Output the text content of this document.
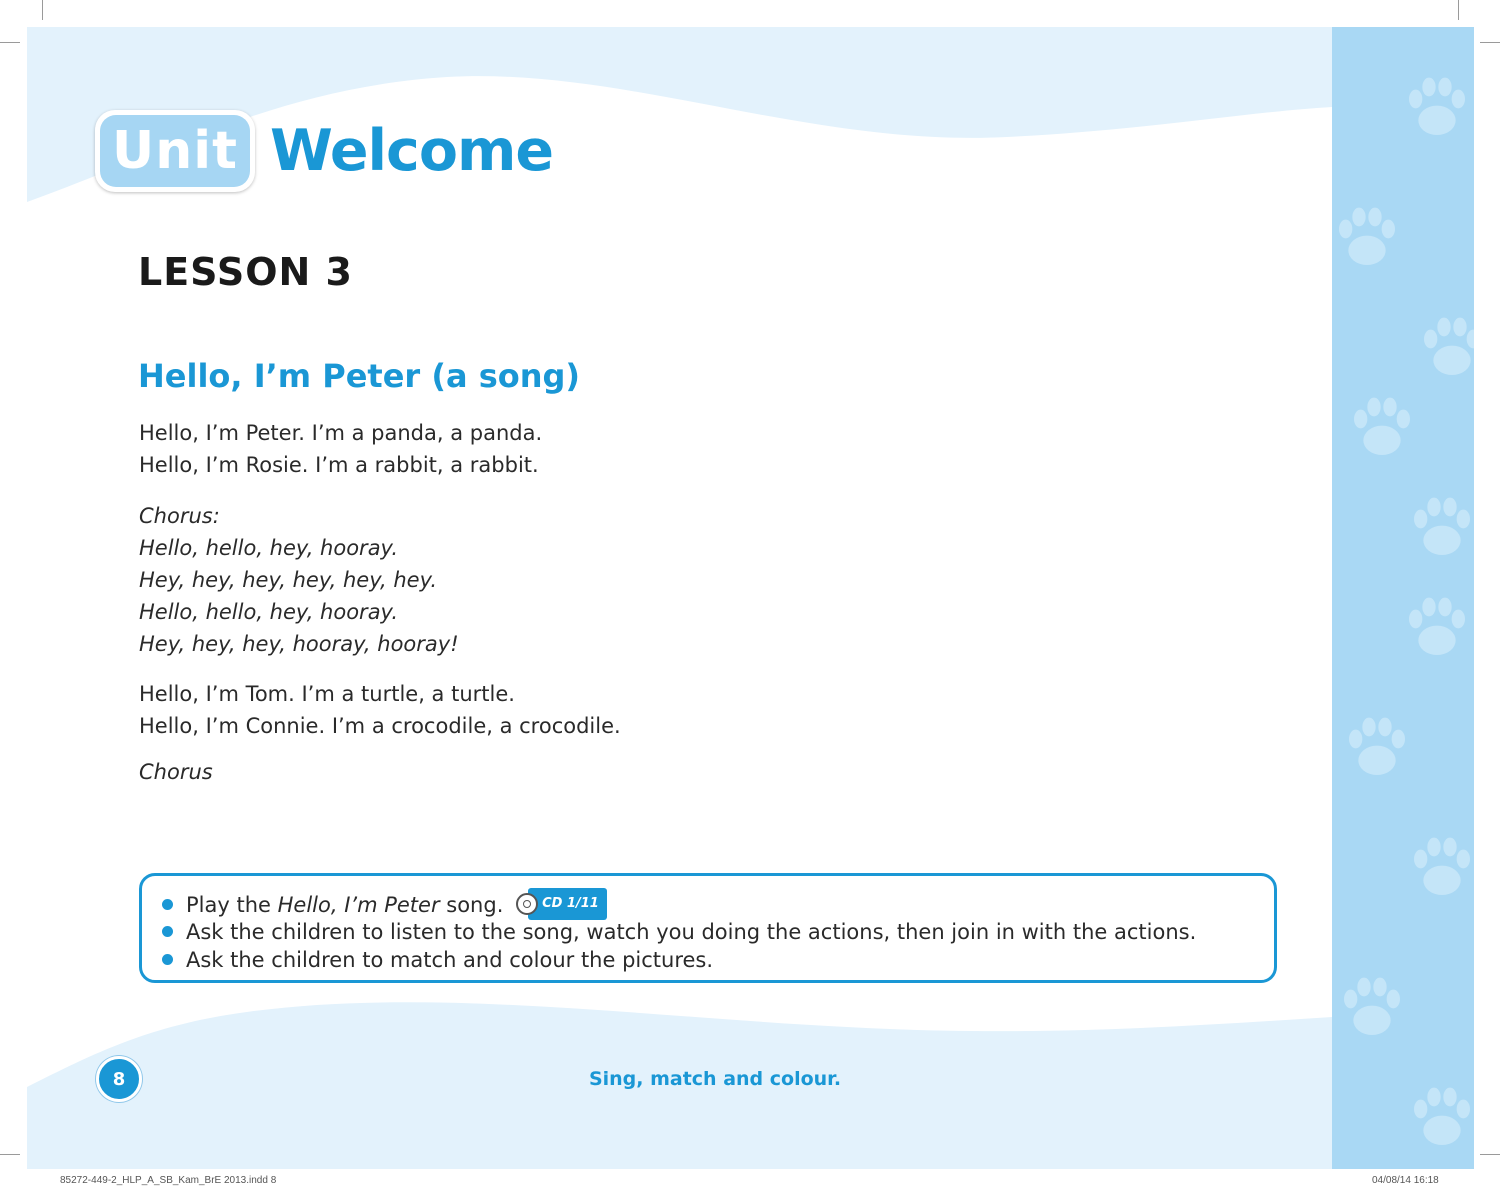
Unit Welcome
LESSON 3
Hello, I’m Peter (a song)
Hello, I’m Peter. I’m a panda, a panda.
Hello, I’m Rosie. I’m a rabbit, a rabbit.
Chorus:
Hello, hello, hey, hooray.
Hey, hey, hey, hey, hey, hey.
Hello, hello, hey, hooray.
Hey, hey, hey, hooray, hooray!
Hello, I’m Tom. I’m a turtle, a turtle.
Hello, I’m Connie. I’m a crocodile, a crocodile.
Chorus
Play the Hello, I’m Peter song.	CD 1/11
Ask the children to listen to the song, watch you doing the actions, then join in with the actions.
Ask the children to match and colour the pictures.
8	Sing, match and colour.
85272-449-2_HLP_A_SB_Kam_BrE 2013.indd 8	04/08/14 16:18
